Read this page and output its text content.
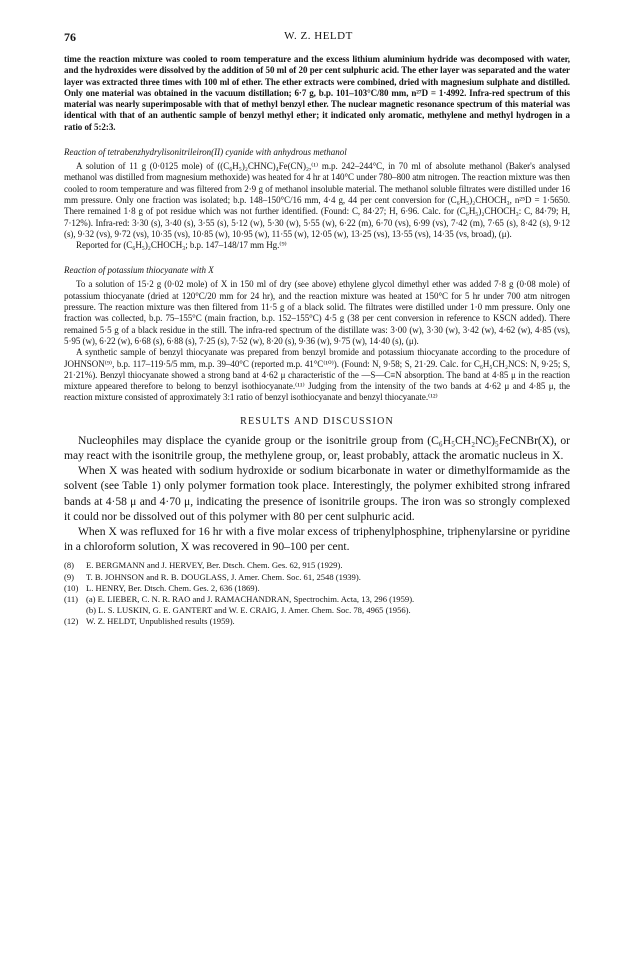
76	W. Z. HELDT

time the reaction mixture was cooled to room temperature and the excess lithium aluminium hydride was decomposed with water, and the hydroxides were dissolved by the addition of 50 ml of 20 per cent sulphuric acid. The ether layer was separated and the water layer was extracted three times with 100 ml of ether. The ether extracts were combined, dried with magnesium sulphate and distilled. Only one material was obtained in the vacuum distillation; 6·7 g, b.p. 101–103°C/80 mm, n²⁷D = 1·4992. Infra-red spectrum of this material was nearly superimposable with that of methyl benzyl ether. The nuclear magnetic resonance spectrum of this material was identical with that of an authentic sample of benzyl methyl ether; it indicated only aromatic, methylene and methyl hydrogen in a ratio of 5:2:3.

Reaction of tetrabenzhydrylisonitrileiron(II) cyanide with anhydrous methanol

A solution of 11 g (0·0125 mole) of ((C₆H₅)₂CHNC)₄Fe(CN)₂,⁽¹⁾ m.p. 242–244°C, in 70 ml of absolute methanol (Baker's analysed methanol was distilled from magnesium methoxide) was heated for 4 hr at 140°C under 780–800 atm nitrogen. The reaction mixture was then cooled to room temperature and was filtered from 2·9 g of methanol insoluble material. The methanol soluble filtrates were distilled under 16 mm pressure. Only one fraction was isolated; b.p. 148–150°C/16 mm, 4·4 g, 44 per cent conversion for (C₆H₅)₂CHOCH₃, n²⁵D = 1·5650. There remained 1·8 g of pot residue which was not further identified. (Found: C, 84·27; H, 6·96. Calc. for (C₆H₅)₂CHOCH₃: C, 84·79; H, 7·12%). Infra-red: 3·30 (s), 3·40 (s), 3·55 (s), 5·12 (w), 5·30 (w), 5·55 (w), 6·22 (m), 6·70 (vs), 6·99 (vs), 7·42 (m), 7·65 (s), 8·42 (s), 9·12 (s), 9·32 (vs), 9·72 (vs), 10·35 (vs), 10·85 (w), 10·95 (w), 11·55 (w), 12·05 (w), 13·25 (vs), 13·55 (vs), 14·35 (vs, broad), (μ).

Reported for (C₆H₅)₂CHOCH₃; b.p. 147–148/17 mm Hg.⁽⁹⁾

Reaction of potassium thiocyanate with X

To a solution of 15·2 g (0·02 mole) of X in 150 ml of dry (see above) ethylene glycol dimethyl ether was added 7·8 g (0·08 mole) of potassium thiocyanate (dried at 120°C/20 mm for 24 hr), and the reaction mixture was heated at 150°C for 5 hr under 700 atm nitrogen pressure. The reaction mixture was then filtered from 11·5 g of a black solid. The filtrates were distilled under 1·0 mm pressure. Only one fraction was collected, b.p. 75–155°C (main fraction, b.p. 152–155°C) 4·5 g (38 per cent conversion in reference to KSCN added). There remained 5·5 g of a black residue in the still. The infra-red spectrum of the distillate was: 3·00 (w), 3·30 (w), 3·42 (w), 4·62 (w), 4·85 (vs), 5·95 (w), 6·22 (w), 6·68 (s), 6·88 (s), 7·25 (s), 7·52 (w), 8·20 (s), 9·36 (w), 9·75 (w), 14·40 (s), (μ).

A synthetic sample of benzyl thiocyanate was prepared from benzyl bromide and potassium thiocyanate according to the procedure of JOHNSON⁽⁹⁾, b.p. 117–119·5/5 mm, m.p. 39–40°C (reported m.p. 41°C⁽¹⁰⁾). (Found: N, 9·58; S, 21·29. Calc. for C₆H₅CH₂NCS: N, 9·25; S, 21·21%). Benzyl thiocyanate showed a strong band at 4·62 μ characteristic of the —S—C≡N absorption. The band at 4·85 μ in the reaction mixture appeared therefore to belong to benzyl isothiocyanate.⁽¹¹⁾ Judging from the intensity of the two bands at 4·62 μ and 4·85 μ, the reaction mixture consisted of approximately 3:1 ratio of benzyl isothiocyanate and benzyl thiocyanate.⁽¹²⁾

RESULTS AND DISCUSSION

Nucleophiles may displace the cyanide group or the isonitrile group from (C₆H₅CH₂NC)₅FeCNBr(X), or may react with the isonitrile group, the methylene group, or, least probably, attack the aromatic nucleus in X.

When X was heated with sodium hydroxide or sodium bicarbonate in water or dimethylformamide as the solvent (see Table 1) only polymer formation took place. Interestingly, the polymer exhibited strong infrared bands at 4·58 μ and 4·70 μ, indicating the presence of isonitrile groups. The iron was so strongly complexed it could nor be dissolved out of this polymer with 80 per cent sulphuric acid.

When X was refluxed for 16 hr with a five molar excess of triphenylphosphine, triphenylarsine or pyridine in a chloroform solution, X was recovered in 90–100 per cent.

(8) E. BERGMANN and J. HERVEY, Ber. Dtsch. Chem. Ges. 62, 915 (1929).

(9) T. B. JOHNSON and R. B. DOUGLASS, J. Amer. Chem. Soc. 61, 2548 (1939).

(10) L. HENRY, Ber. Dtsch. Chem. Ges. 2, 636 (1869).

(11) (a) E. LIEBER, C. N. R. RAO and J. RAMACHANDRAN, Spectrochim. Acta, 13, 296 (1959).

(b) L. S. LUSKIN, G. E. GANTERT and W. E. CRAIG, J. Amer. Chem. Soc. 78, 4965 (1956).

(12) W. Z. HELDT, Unpublished results (1959).
